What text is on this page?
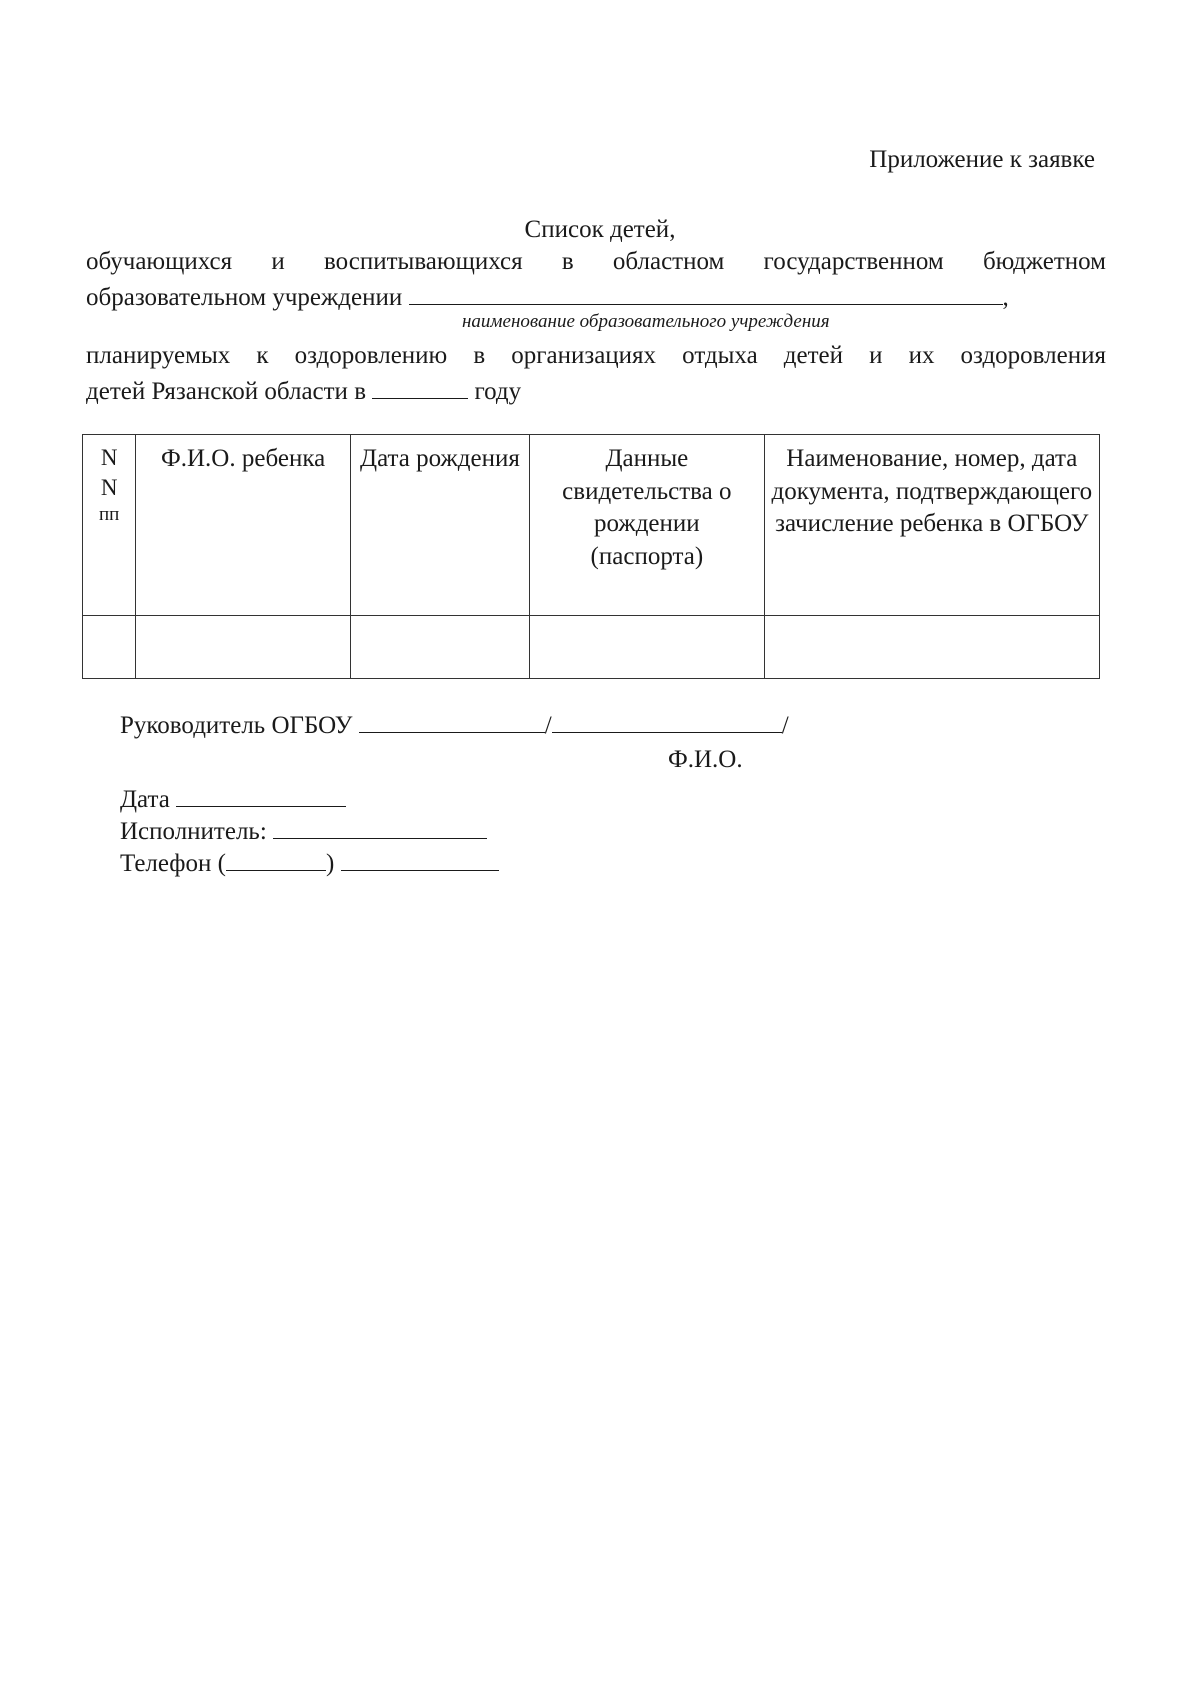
Приложение к заявке
Список детей,
обучающихся и воспитывающихся в областном государственном бюджетном
образовательном учреждении	,
наименование образовательного учреждения
планируемых к оздоровлению в организациях отдыха детей и их оздоровления
детей Рязанской области в	году
N
N
пп	Ф.И.О. ребенка	Дата рождения	Данные свидетельства о рождении (паспорта)	Наименование, номер, дата документа, подтверждающего зачисление ребенка в ОГБОУ

Руководитель ОГБОУ	/	/
Ф.И.О.
Дата
Исполнитель:
Телефон (	)
